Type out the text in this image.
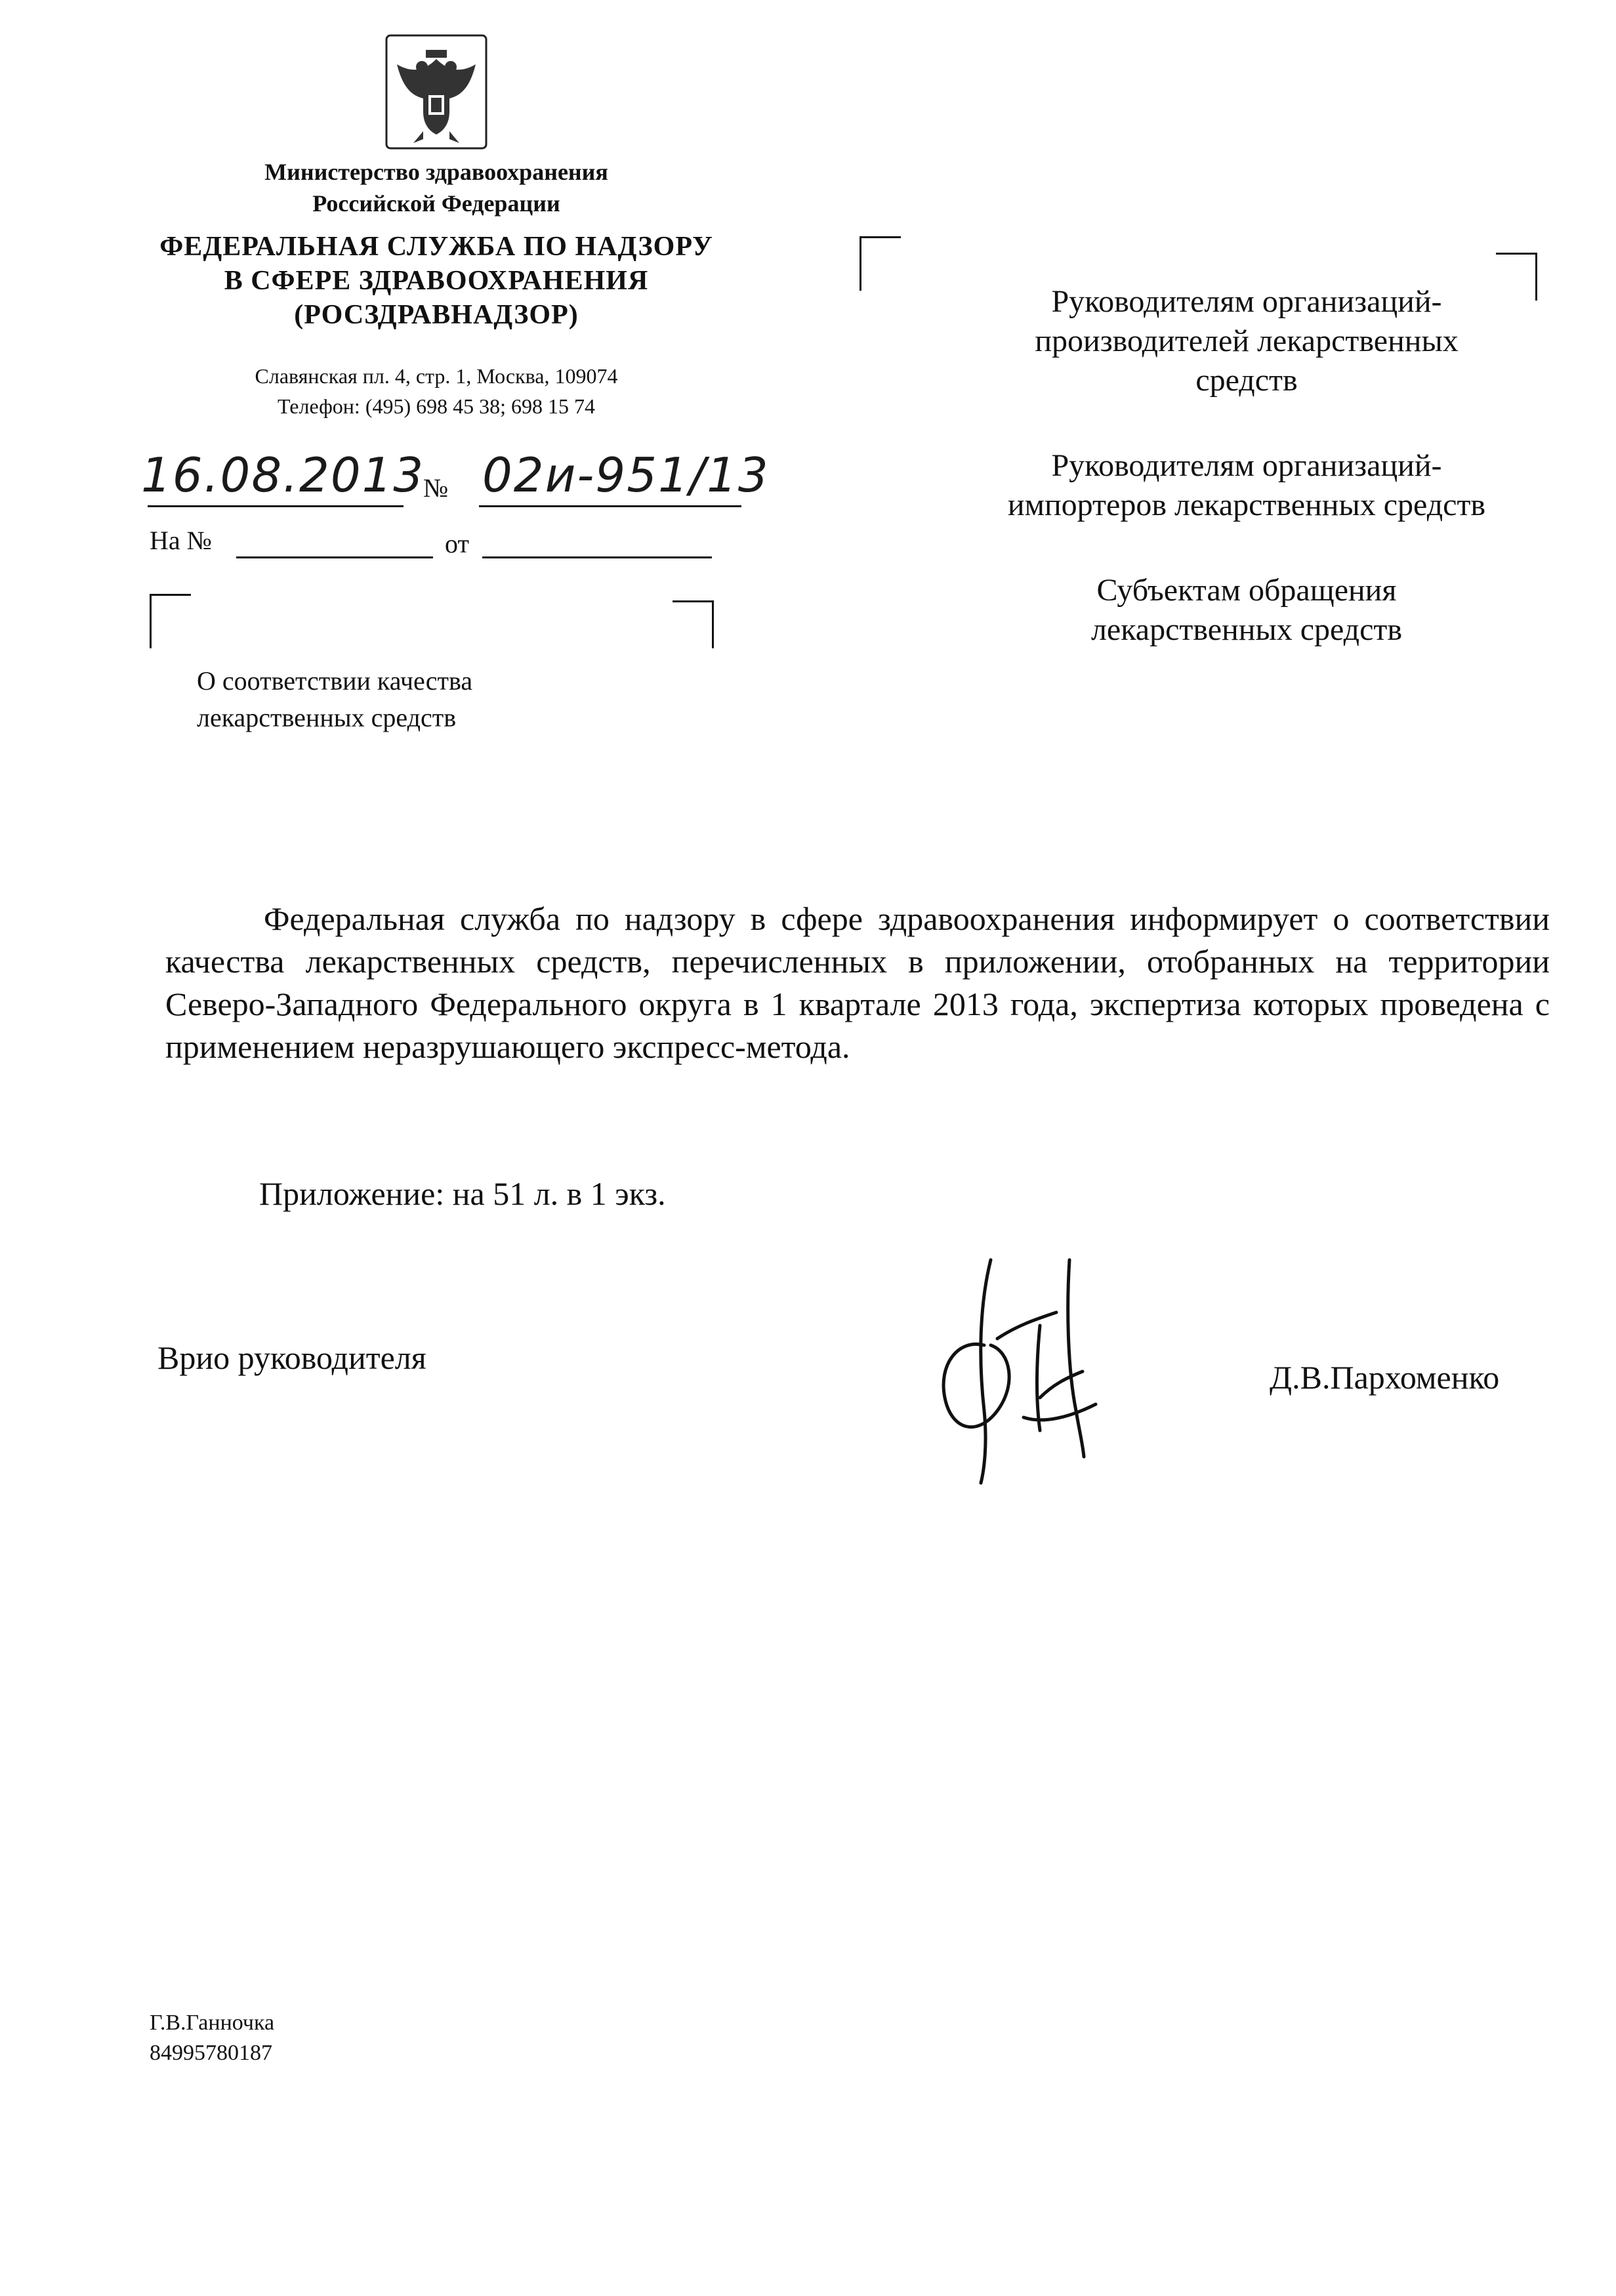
Министерство здравоохранения
Российской Федерации
ФЕДЕРАЛЬНАЯ СЛУЖБА ПО НАДЗОРУ
В СФЕРЕ ЗДРАВООХРАНЕНИЯ
(РОСЗДРАВНАДЗОР)
Славянская пл. 4, стр. 1, Москва, 109074
Телефон: (495) 698 45 38; 698 15 74
16.08.2013
№ 02и-951/13
На №	от
О соответствии качества
лекарственных средств

Руководителям организаций-
производителей лекарственных
средств

Руководителям организаций-
импортеров лекарственных средств

Субъектам обращения
лекарственных средств

Федеральная служба по надзору в сфере здравоохранения информирует о соответствии качества лекарственных средств, перечисленных в приложении, отобранных на территории Северо-Западного Федерального округа в 1 квартале 2013 года, экспертиза которых проведена с применением неразрушающего экспресс-метода.

Приложение: на 51 л. в 1 экз.
Врио руководителя
Д.В.Пархоменко
Г.В.Ганночка
84995780187
